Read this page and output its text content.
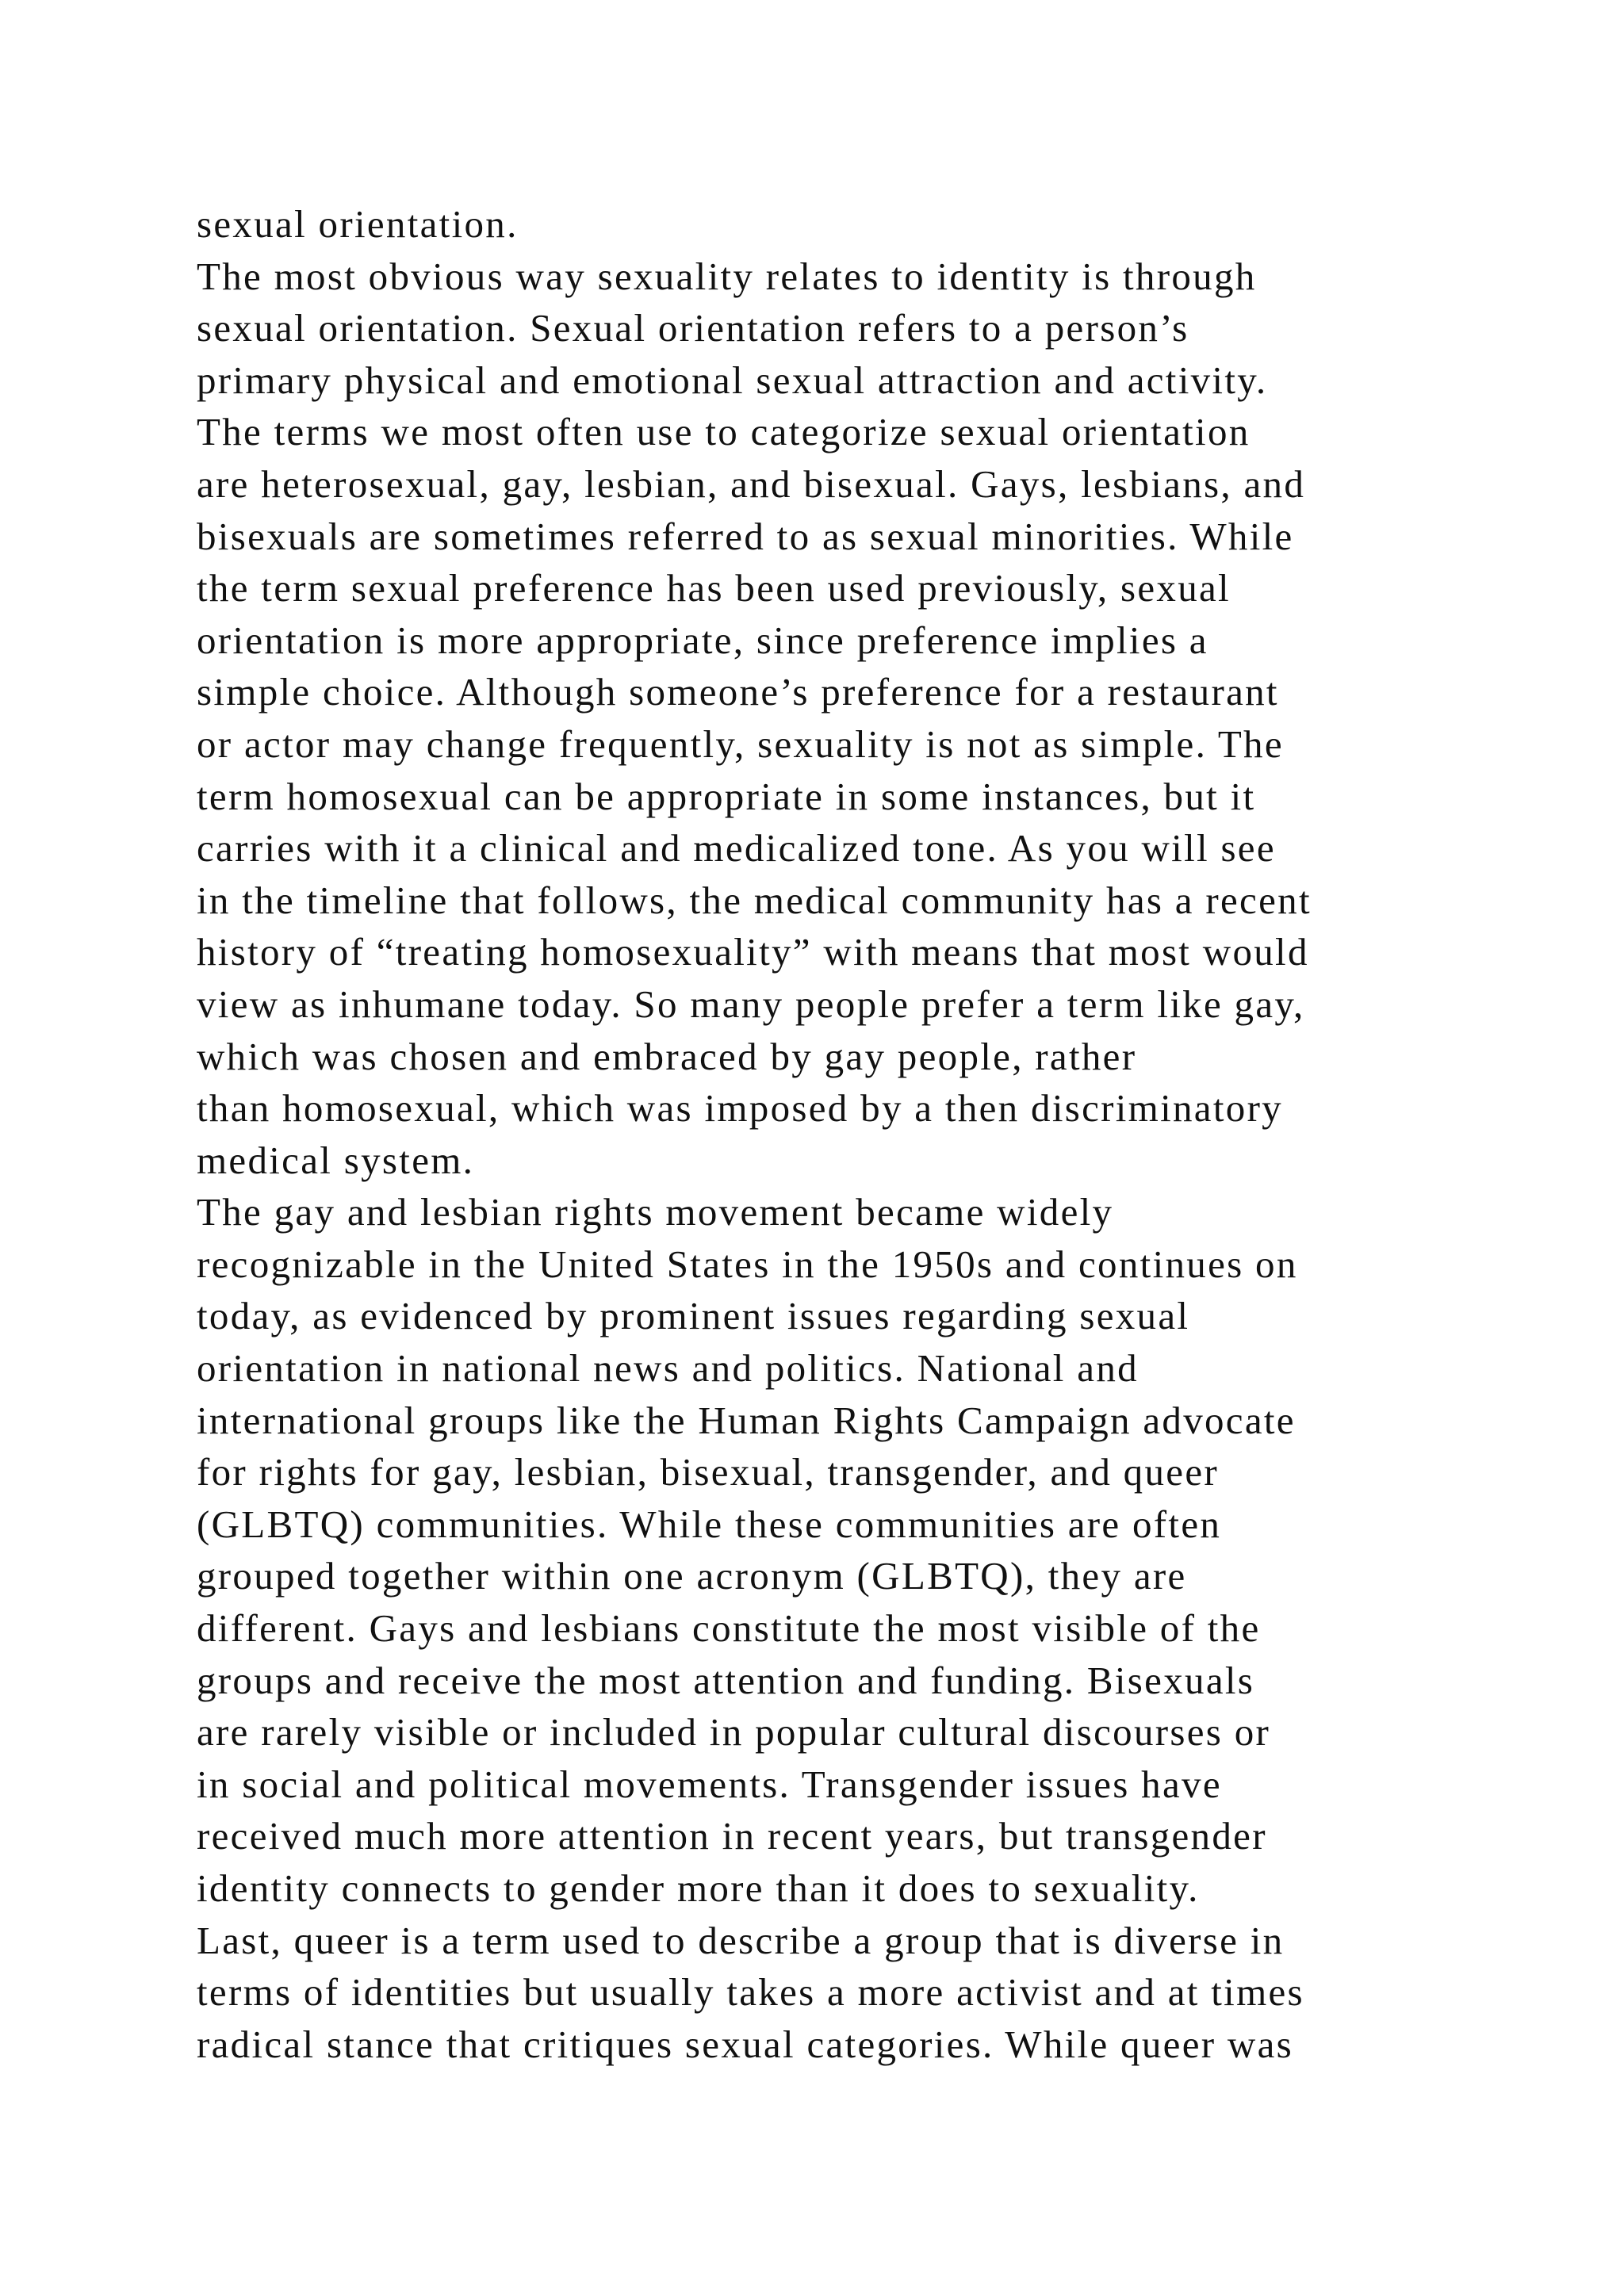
sexual orientation.
The most obvious way sexuality relates to identity is through
sexual orientation. Sexual orientation refers to a person’s
primary physical and emotional sexual attraction and activity.
The terms we most often use to categorize sexual orientation
are heterosexual, gay, lesbian, and bisexual. Gays, lesbians, and
bisexuals are sometimes referred to as sexual minorities. While
the term sexual preference has been used previously, sexual
orientation is more appropriate, since preference implies a
simple choice. Although someone’s preference for a restaurant
or actor may change frequently, sexuality is not as simple. The
term homosexual can be appropriate in some instances, but it
carries with it a clinical and medicalized tone. As you will see
in the timeline that follows, the medical community has a recent
history of “treating homosexuality” with means that most would
view as inhumane today. So many people prefer a term like gay,
which was chosen and embraced by gay people, rather
than homosexual, which was imposed by a then discriminatory
medical system.
The gay and lesbian rights movement became widely
recognizable in the United States in the 1950s and continues on
today, as evidenced by prominent issues regarding sexual
orientation in national news and politics. National and
international groups like the Human Rights Campaign advocate
for rights for gay, lesbian, bisexual, transgender, and queer
(GLBTQ) communities. While these communities are often
grouped together within one acronym (GLBTQ), they are
different. Gays and lesbians constitute the most visible of the
groups and receive the most attention and funding. Bisexuals
are rarely visible or included in popular cultural discourses or
in social and political movements. Transgender issues have
received much more attention in recent years, but transgender
identity connects to gender more than it does to sexuality.
Last, queer is a term used to describe a group that is diverse in
terms of identities but usually takes a more activist and at times
radical stance that critiques sexual categories. While queer was
